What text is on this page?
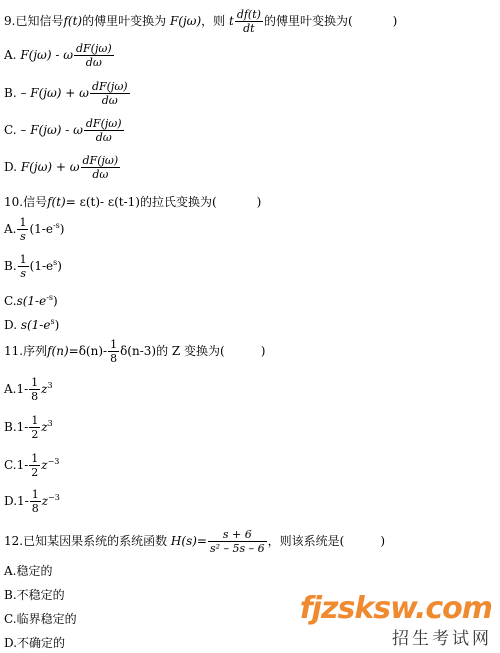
9.已知信号f(t)的傅里叶变换为 F(jω)，则 t $\frac{df(t)}{dt}$ 的傅里叶变换为(	)
A. F(jω) - ω $\frac{dF(j\omega)}{d\omega}$
B. – F(jω) + ω $\frac{dF(j\omega)}{d\omega}$
C. – F(jω) - ω $\frac{dF(j\omega)}{d\omega}$
D. F(jω) + ω $\frac{dF(j\omega)}{d\omega}$
10.信号f(t)= ε(t)- ε(t-1)的拉氏变换为(	)
A. $\frac{1}{s} (1-e^{-s})$
B. $\frac{1}{s} (1-e^s)$
$C.s(1-e^{-s})$
D. $s(1-e^s)$
11.序列$f(n)=\delta(n)- \frac{1}{8} \delta(n-3)$的 Z 变换为(	)
$A.1- \frac{1}{8} z^3$
$B.1- \frac{1}{2} z^3$
$C.1- \frac{1}{2} z^{-3}$
$D.1- \frac{1}{8} z^{-3}$
12.已知某因果系统的系统函数 $H(s)= \frac{s + 6}{\text{s² – 5s – 6}}$ ，则该系统是(	)
A.稳定的
B.不稳定的
C.临界稳定的
D.不确定的
fjzsksw.com
招生考试网
